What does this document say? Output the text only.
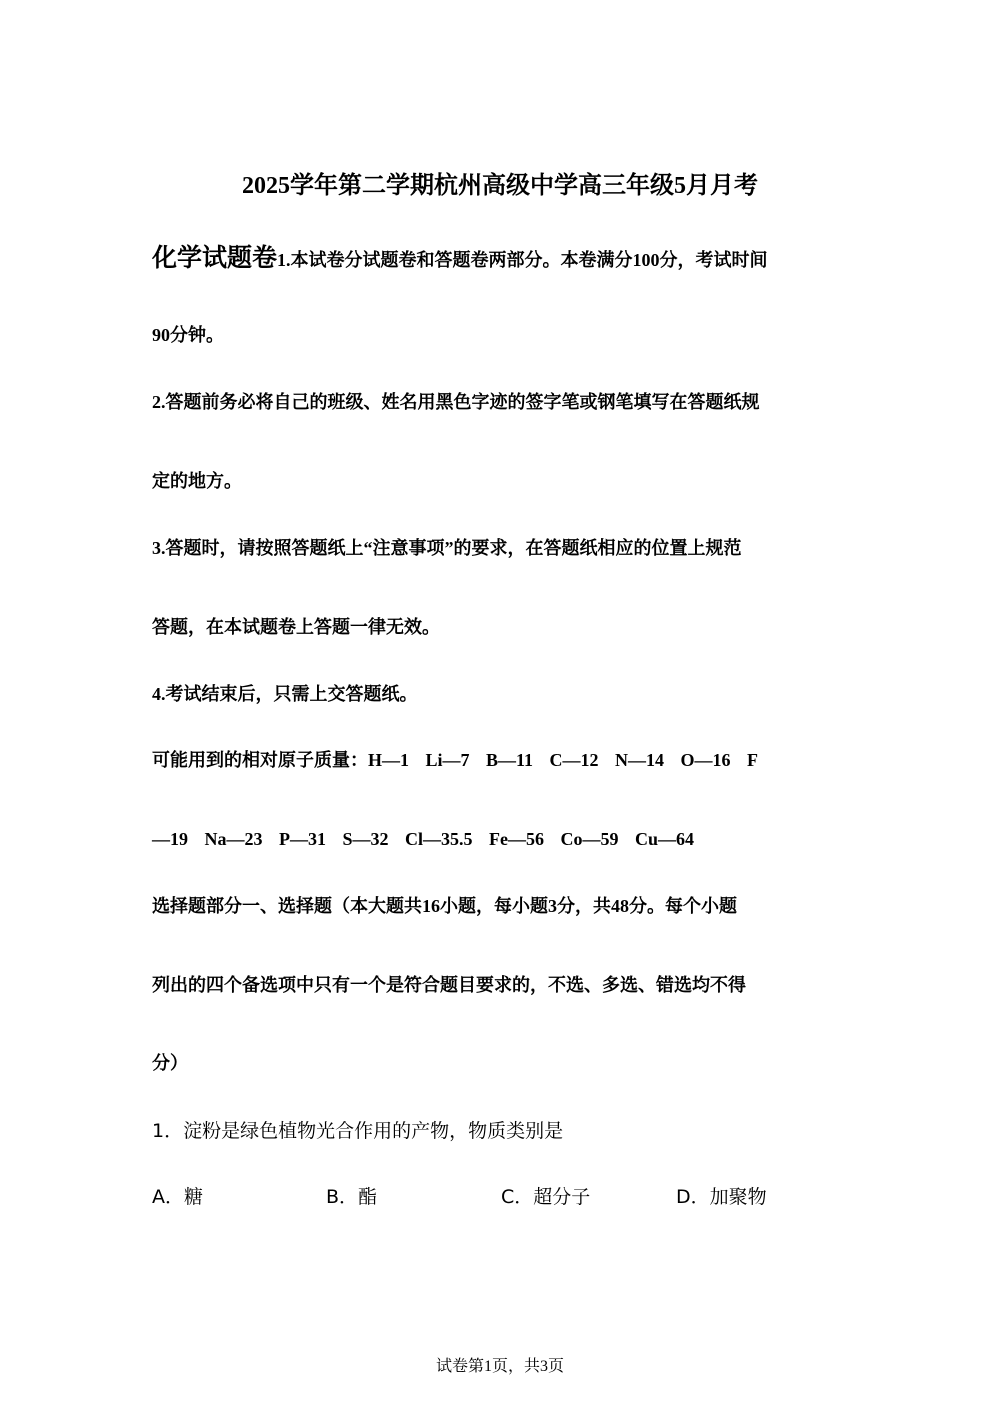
2025学年第二学期杭州高级中学高三年级5月月考
化学试题卷1.本试卷分试题卷和答题卷两部分。本卷满分100分，考试时间
90分钟。
2.答题前务必将自己的班级、姓名用黑色字迹的签字笔或钢笔填写在答题纸规
定的地方。
3.答题时，请按照答题纸上“注意事项”的要求，在答题纸相应的位置上规范
答题，在本试题卷上答题一律无效。
4.考试结束后，只需上交答题纸。
可能用到的相对原子质量：H—1 Li—7 B—11 C—12 N—14 O—16 F
—19 Na—23 P—31 S—32 Cl—35.5 Fe—56 Co—59 Cu—64
选择题部分一、选择题（本大题共16小题，每小题3分，共48分。每个小题
列出的四个备选项中只有一个是符合题目要求的，不选、多选、错选均不得
分）
1．淀粉是绿色植物光合作用的产物，物质类别是
A．糖	B．酯	C．超分子	D．加聚物
试卷第1页，共3页
